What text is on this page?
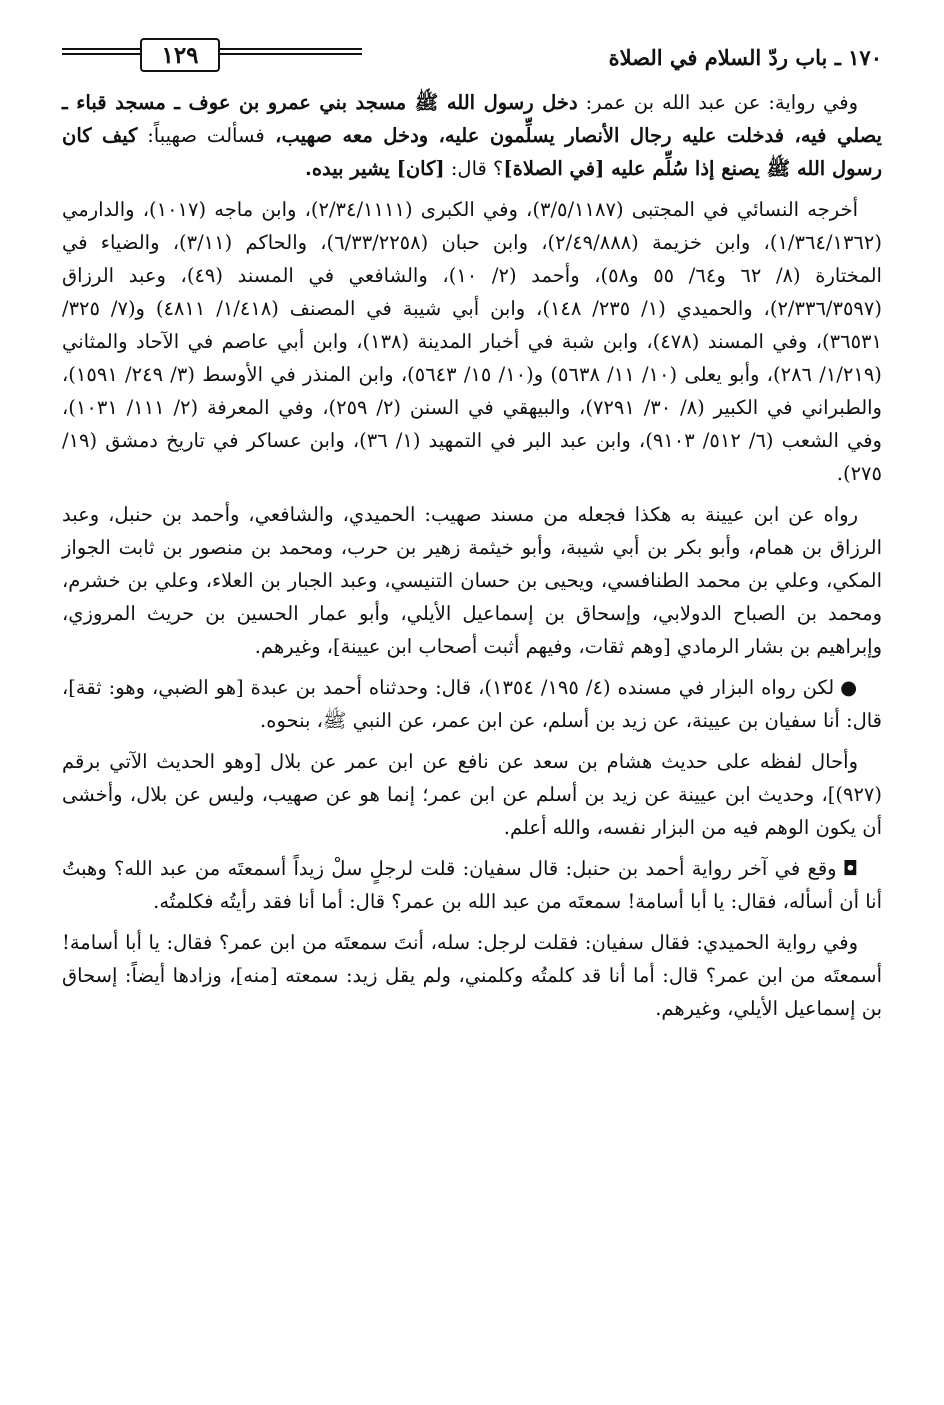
١٧٠ ـ باب ردّ السلام في الصلاة
١٢٩

وفي رواية: عن عبد الله بن عمر: دخل رسول الله ﷺ مسجد بني عمرو بن عوف ـ مسجد قباء ـ يصلي فيه، فدخلت عليه رجال الأنصار يسلِّمون عليه، ودخل معه صهيب، فسألت صهيباً: كيف كان رسول الله ﷺ يصنع إذا سُلِّم عليه [في الصلاة]؟ قال: [كان] يشير بيده.

أخرجه النسائي في المجتبى (٣/٥/١١٨٧)، وفي الكبرى (٢/٣٤/١١١١)، وابن ماجه (١٠١٧)، والدارمي (١/٣٦٤/١٣٦٢)، وابن خزيمة (٢/٤٩/٨٨٨)، وابن حبان (٦/٣٣/٢٢٥٨)، والحاكم (٣/١١)، والضياء في المختارة (٨/ ٦٢ و٦٤/ ٥٥ و٥٨)، وأحمد (٢/ ١٠)، والشافعي في المسند (٤٩)، وعبد الرزاق (٢/٣٣٦/٣٥٩٧)، والحميدي (١/ ٢٣٥/ ١٤٨)، وابن أبي شيبة في المصنف (١/٤١٨/ ٤٨١١) و(٧/ ٣٢٥/ ٣٦٥٣١)، وفي المسند (٤٧٨)، وابن شبة في أخبار المدينة (١٣٨)، وابن أبي عاصم في الآحاد والمثاني (١/٢١٩/ ٢٨٦)، وأبو يعلى (١٠/ ١١/ ٥٦٣٨) و(١٠/ ١٥/ ٥٦٤٣)، وابن المنذر في الأوسط (٣/ ٢٤٩/ ١٥٩١)، والطبراني في الكبير (٨/ ٣٠/ ٧٢٩١)، والبيهقي في السنن (٢/ ٢٥٩)، وفي المعرفة (٢/ ١١١/ ١٠٣١)، وفي الشعب (٦/ ٥١٢/ ٩١٠٣)، وابن عبد البر في التمهيد (١/ ٣٦)، وابن عساكر في تاريخ دمشق (١٩/ ٢٧٥).

رواه عن ابن عيينة به هكذا فجعله من مسند صهيب: الحميدي، والشافعي، وأحمد بن حنبل، وعبد الرزاق بن همام، وأبو بكر بن أبي شيبة، وأبو خيثمة زهير بن حرب، ومحمد بن منصور بن ثابت الجواز المكي، وعلي بن محمد الطنافسي، ويحيى بن حسان التنيسي، وعبد الجبار بن العلاء، وعلي بن خشرم، ومحمد بن الصباح الدولابي، وإسحاق بن إسماعيل الأيلي، وأبو عمار الحسين بن حريث المروزي، وإبراهيم بن بشار الرمادي [وهم ثقات، وفيهم أثبت أصحاب ابن عيينة]، وغيرهم.

●لكن رواه البزار في مسنده (٤/ ١٩٥/ ١٣٥٤)، قال: وحدثناه أحمد بن عبدة [هو الضبي، وهو: ثقة]، قال: أنا سفيان بن عيينة، عن زيد بن أسلم، عن ابن عمر، عن النبي ﷺ، بنحوه.

وأحال لفظه على حديث هشام بن سعد عن نافع عن ابن عمر عن بلال [وهو الحديث الآتي برقم (٩٢٧)]، وحديث ابن عيينة عن زيد بن أسلم عن ابن عمر؛ إنما هو عن صهيب، وليس عن بلال، وأخشى أن يكون الوهم فيه من البزار نفسه، والله أعلم.

◘وقع في آخر رواية أحمد بن حنبل: قال سفيان: قلت لرجلٍ سلْ زيداً أسمعتَه من عبد الله؟ وهبتُ أنا أن أسأله، فقال: يا أبا أسامة! سمعتَه من عبد الله بن عمر؟ قال: أما أنا فقد رأيتُه فكلمتُه.

وفي رواية الحميدي: فقال سفيان: فقلت لرجل: سله، أنتَ سمعتَه من ابن عمر؟ فقال: يا أبا أسامة! أسمعتَه من ابن عمر؟ قال: أما أنا قد كلمتُه وكلمني، ولم يقل زيد: سمعته [منه]، وزادها أيضاً: إسحاق بن إسماعيل الأيلي، وغيرهم.
